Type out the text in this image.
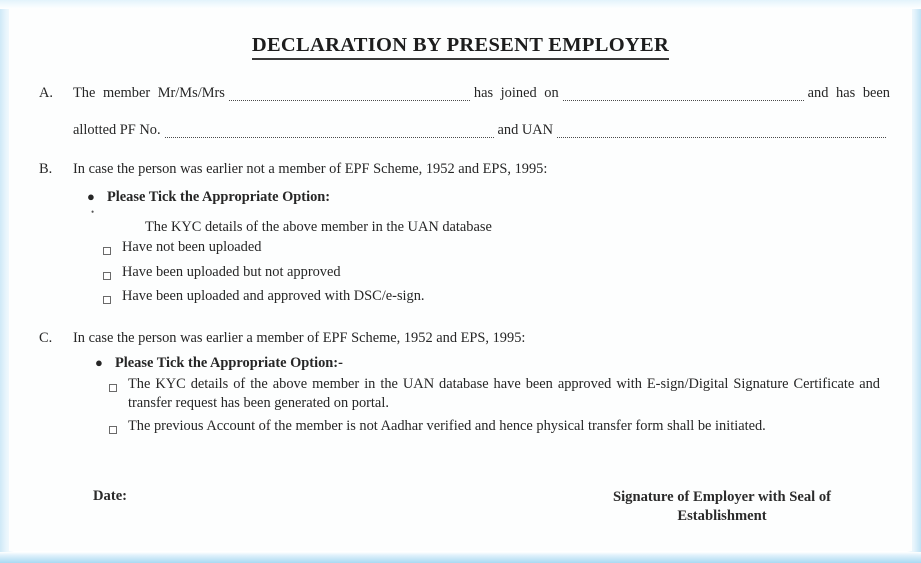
DECLARATION BY PRESENT EMPLOYER
A.	The member Mr/Ms/Mrs	has joined on	and has been
allotted PF No.	and UAN
B.	In case the person was earlier not a member of EPF Scheme, 1952 and EPS, 1995:
● Please Tick the Appropriate Option:
•
The KYC details of the above member in the UAN database
Have not been uploaded
Have been uploaded but not approved
Have been uploaded and approved with DSC/e-sign.
C.	In case the person was earlier a member of EPF Scheme, 1952 and EPS, 1995:
● Please Tick the Appropriate Option:-
The KYC details of the above member in the UAN database have been approved with E-sign/Digital Signature Certificate and transfer request has been generated on portal.
The previous Account of the member is not Aadhar verified and hence physical transfer form shall be initiated.
Date:	Signature of Employer with Seal of
Establishment
